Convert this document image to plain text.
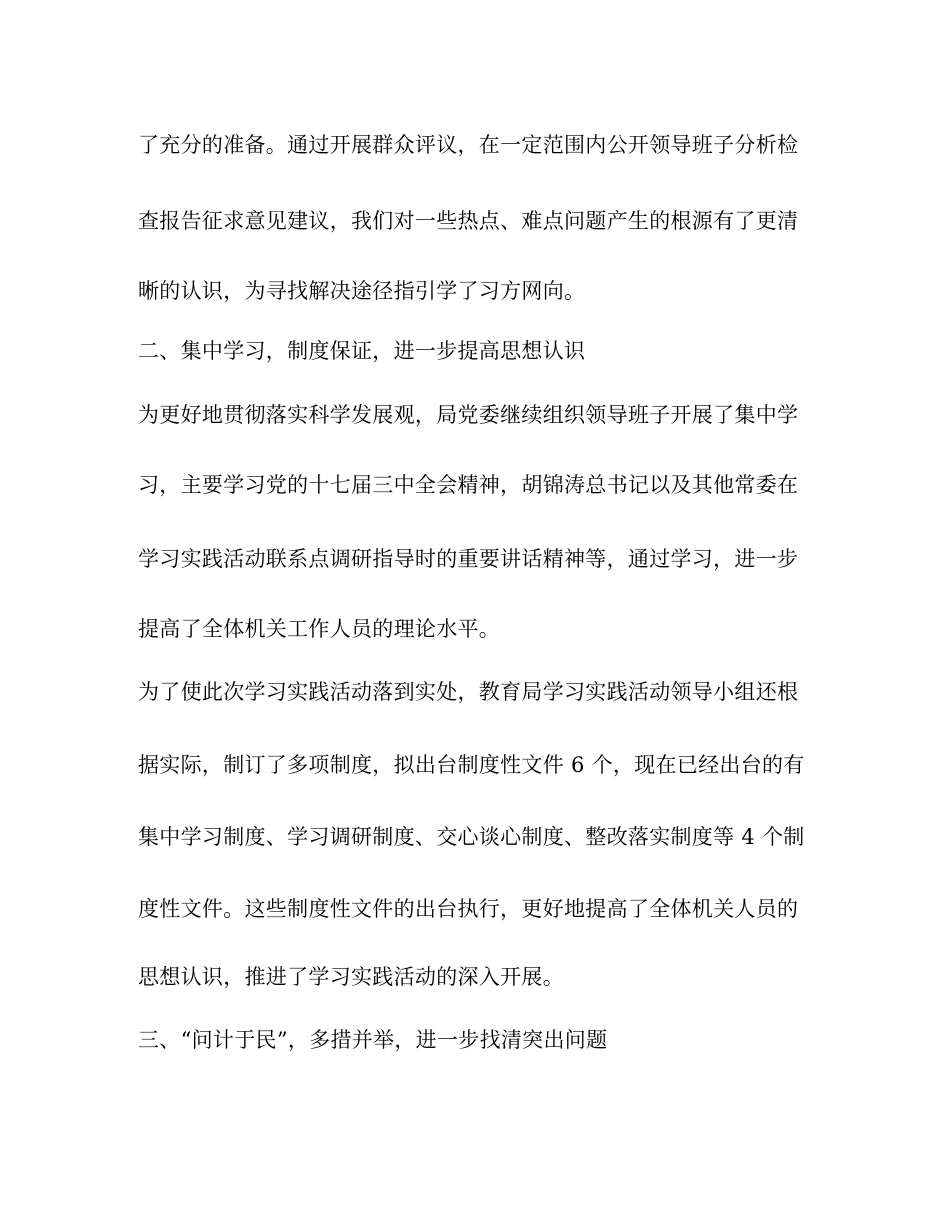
了充分的准备。通过开展群众评议，在一定范围内公开领导班子分析检
查报告征求意见建议，我们对一些热点、难点问题产生的根源有了更清
晰的认识，为寻找解决途径指引学了习方网向。
二、集中学习，制度保证，进一步提高思想认识
为更好地贯彻落实科学发展观，局党委继续组织领导班子开展了集中学
习，主要学习党的十七届三中全会精神，胡锦涛总书记以及其他常委在
学习实践活动联系点调研指导时的重要讲话精神等，通过学习，进一步
提高了全体机关工作人员的理论水平。
为了使此次学习实践活动落到实处，教育局学习实践活动领导小组还根
据实际，制订了多项制度，拟出台制度性文件 6 个，现在已经出台的有
集中学习制度、学习调研制度、交心谈心制度、整改落实制度等 4 个制
度性文件。这些制度性文件的出台执行，更好地提高了全体机关人员的
思想认识，推进了学习实践活动的深入开展。
三、“问计于民”，多措并举，进一步找清突出问题
